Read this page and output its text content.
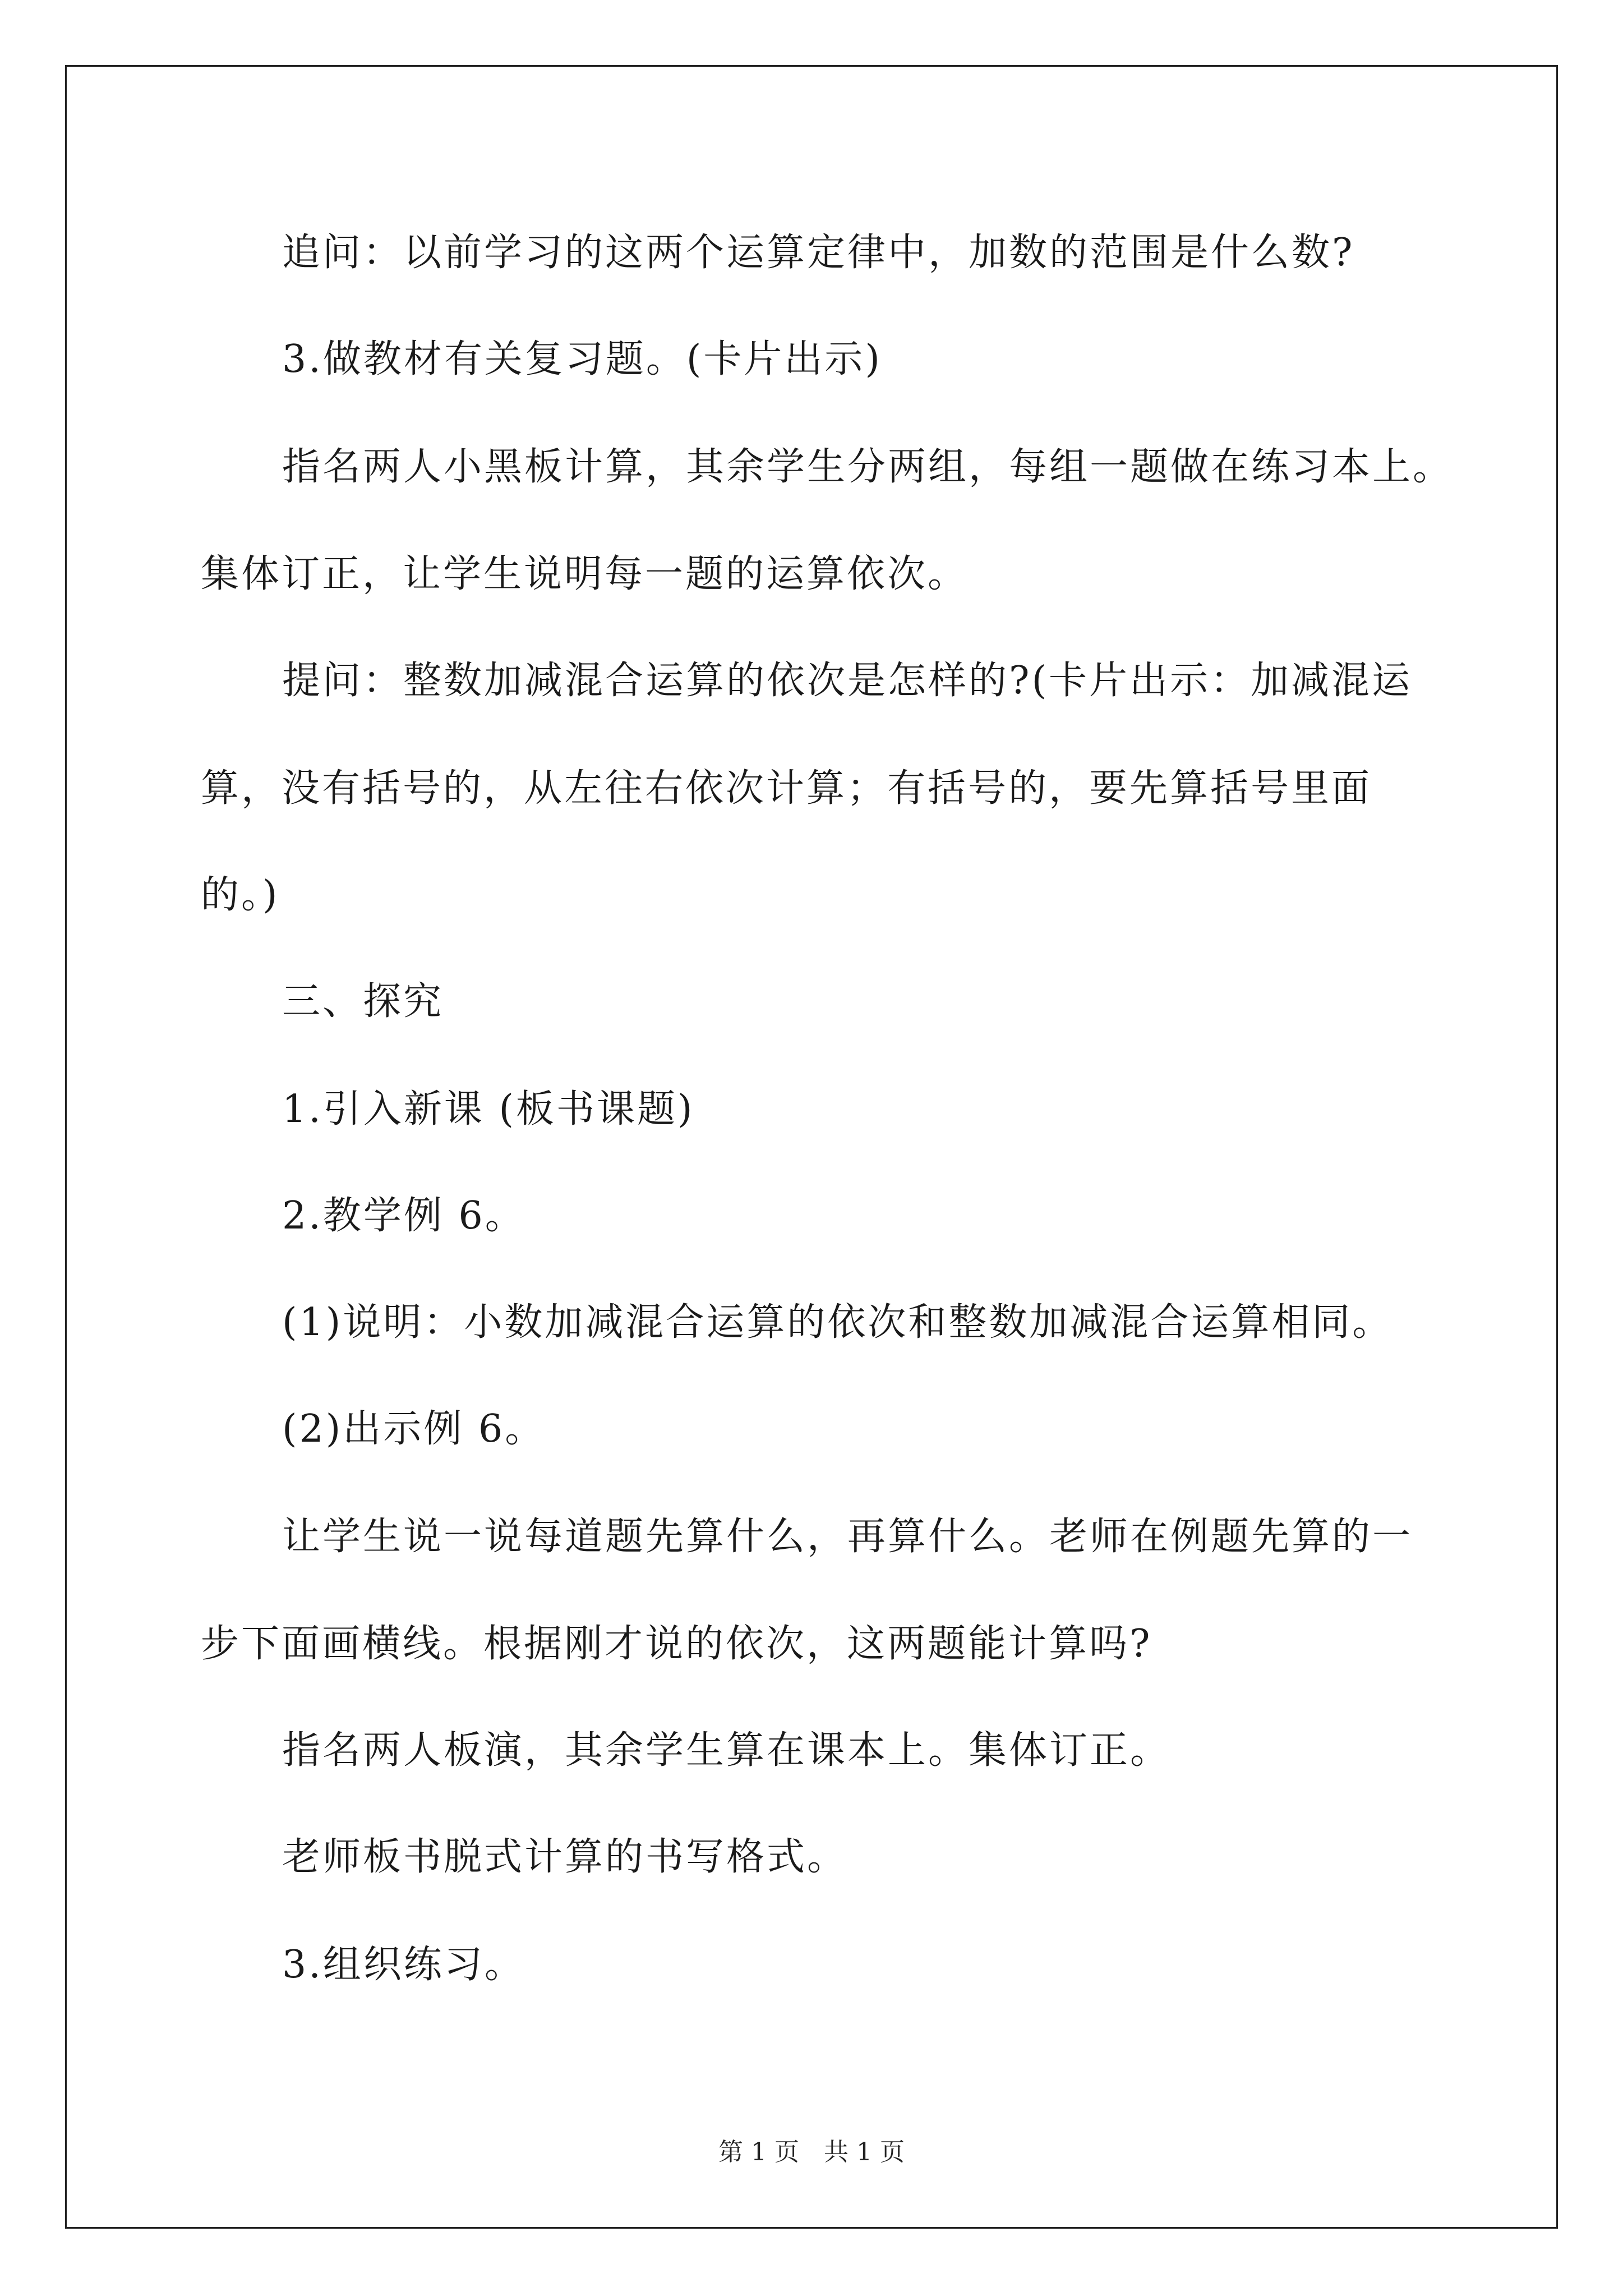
追问：以前学习的这两个运算定律中，加数的范围是什么数?

3.做教材有关复习题。(卡片出示)

指名两人小黑板计算，其余学生分两组，每组一题做在练习本上。

集体订正，让学生说明每一题的运算依次。

提问：整数加减混合运算的依次是怎样的?(卡片出示：加减混运

算，没有括号的，从左往右依次计算；有括号的，要先算括号里面

的。)

三、探究

1.引入新课 (板书课题)

2.教学例 6。

(1)说明：小数加减混合运算的依次和整数加减混合运算相同。

(2)出示例 6。

让学生说一说每道题先算什么，再算什么。老师在例题先算的一

步下面画横线。根据刚才说的依次，这两题能计算吗?

指名两人板演，其余学生算在课本上。集体订正。

老师板书脱式计算的书写格式。

3.组织练习。

第 1 页　共 1 页
